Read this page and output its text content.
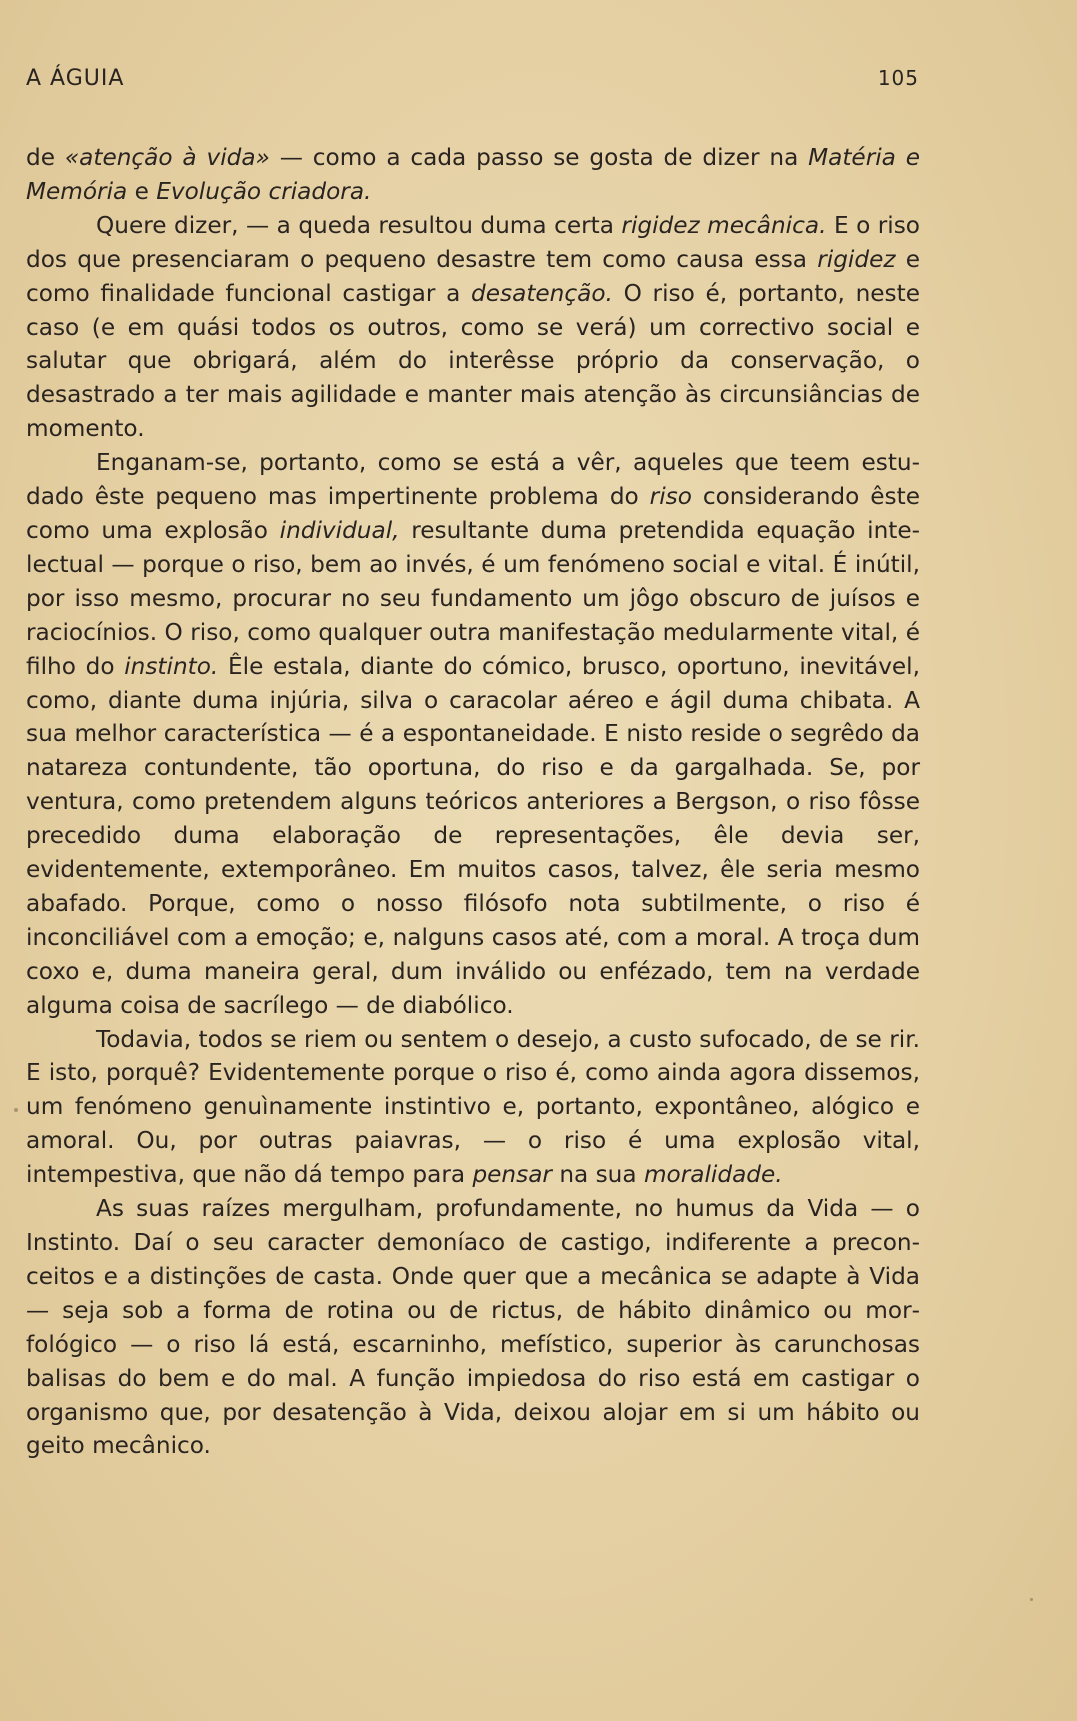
A ÁGUIA	105

de «atenção à vida» — como a cada passo se gosta de dizer na Matéria e Memória e Evolução criadora.

Quere dizer, — a queda resultou duma certa rigidez mecânica. E o riso dos que presenciaram o pequeno desastre tem como causa essa rigidez e como finalidade funcional castigar a desatenção. O riso é, portanto, neste caso (e em quási todos os outros, como se verá) um correctivo social e salutar que obrigará, além do interêsse próprio da conservação, o desastrado a ter mais agilidade e manter mais atenção às circunsiâncias de momento.

Enganam-se, portanto, como se está a vêr, aqueles que teem estudado êste pequeno mas impertinente problema do riso considerando êste como uma explosão individual, resultante duma pretendida equação intelectual — porque o riso, bem ao invés, é um fenómeno social e vital. É inútil, por isso mesmo, procurar no seu fundamento um jôgo obscuro de juísos e raciocínios. O riso, como qualquer outra manifestação medularmente vital, é filho do instinto. Êle estala, diante do cómico, brusco, oportuno, inevitável, como, diante duma injúria, silva o caracolar aéreo e ágil duma chibata. A sua melhor característica — é a espontaneidade. E nisto reside o segrêdo da natareza contundente, tão oportuna, do riso e da gargalhada. Se, por ventura, como pretendem alguns teóricos anteriores a Bergson, o riso fôsse precedido duma elaboração de representações, êle devia ser, evidentemente, extemporâneo. Em muitos casos, talvez, êle seria mesmo abafado. Porque, como o nosso filósofo nota subtilmente, o riso é inconciliável com a emoção; e, nalguns casos até, com a moral. A troça dum coxo e, duma maneira geral, dum inválido ou enfézado, tem na verdade alguma coisa de sacrílego — de diabólico.

Todavia, todos se riem ou sentem o desejo, a custo sufocado, de se rir. E isto, porquê? Evidentemente porque o riso é, como ainda agora dissemos, um fenómeno genuìnamente instintivo e, portanto, expontâneo, alógico e amoral. Ou, por outras paiavras, — o riso é uma explosão vital, intempestiva, que não dá tempo para pensar na sua moralidade.

As suas raízes mergulham, profundamente, no humus da Vida — o Instinto. Daí o seu caracter demoníaco de castigo, indiferente a preconceitos e a distinções de casta. Onde quer que a mecânica se adapte à Vida — seja sob a forma de rotina ou de rictus, de hábito dinâmico ou morfológico — o riso lá está, escarninho, mefístico, superior às carunchosas balisas do bem e do mal. A função impiedosa do riso está em castigar o organismo que, por desatenção à Vida, deixou alojar em si um hábito ou geito mecânico.
